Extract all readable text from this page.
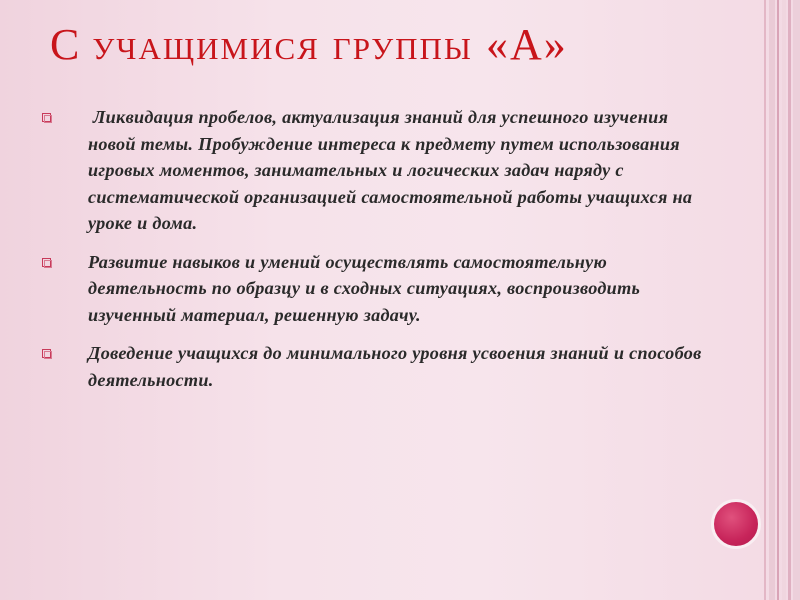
С учащимися группы «А»
Ликвидация пробелов, актуализация знаний для успешного изучения новой темы. Пробуждение интереса к предмету путем использования игровых моментов, занимательных и логических задач наряду с систематической организацией самостоятельной работы учащихся на уроке и дома.
Развитие навыков и умений осуществлять самостоятельную деятельность по образцу и в сходных ситуациях, воспроизводить изученный материал, решенную задачу.
Доведение учащихся до минимального уровня усвоения знаний и способов деятельности.
